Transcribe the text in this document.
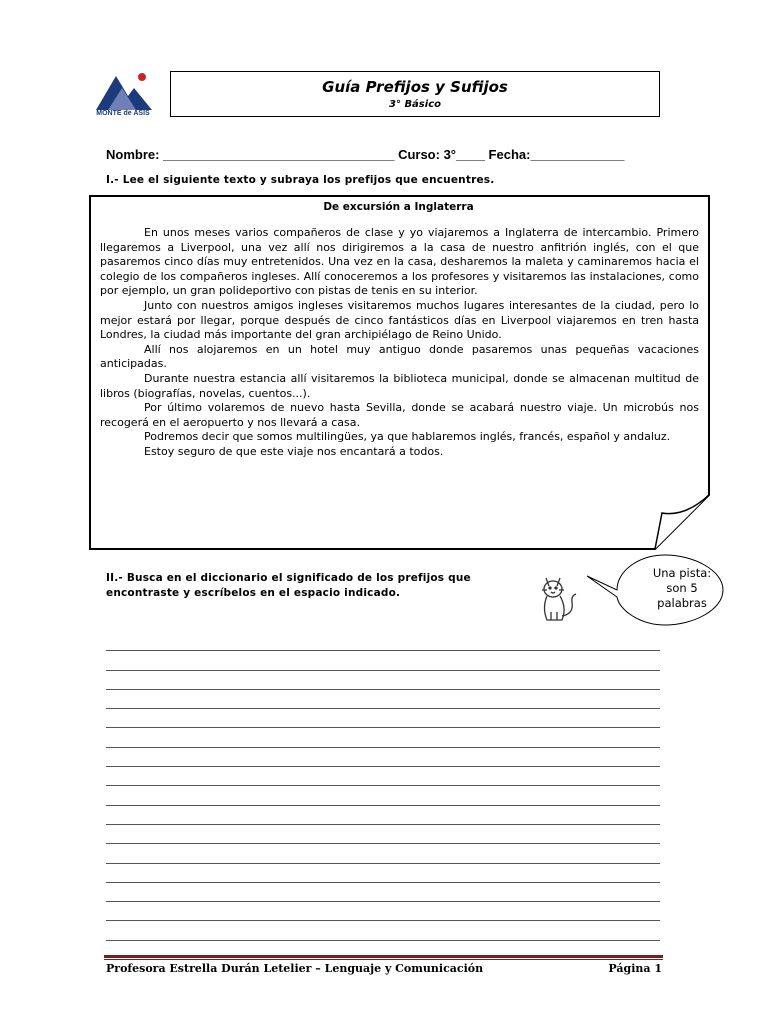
MONTE de ASIS
Guía Prefijos y Sufijos
3° Básico
Nombre: ________________________________ Curso: 3°____ Fecha:_____________
I.- Lee el siguiente texto y subraya los prefijos que encuentres.
De excursión a Inglaterra

En unos meses varios compañeros de clase y yo viajaremos a Inglaterra de intercambio. Primero llegaremos a Liverpool, una vez allí nos dirigiremos a la casa de nuestro anfitrión inglés, con el que pasaremos cinco días muy entretenidos. Una vez en la casa, desharemos la maleta y caminaremos hacia el colegio de los compañeros ingleses. Allí conoceremos a los profesores y visitaremos las instalaciones, como por ejemplo, un gran polideportivo con pistas de tenis en su interior.

Junto con nuestros amigos ingleses visitaremos muchos lugares interesantes de la ciudad, pero lo mejor estará por llegar, porque después de cinco fantásticos días en Liverpool viajaremos en tren hasta Londres, la ciudad más importante del gran archipiélago de Reino Unido.

Allí nos alojaremos en un hotel muy antiguo donde pasaremos unas pequeñas vacaciones anticipadas.

Durante nuestra estancia allí visitaremos la biblioteca municipal, donde se almacenan multitud de libros (biografías, novelas, cuentos...).

Por último volaremos de nuevo hasta Sevilla, donde se acabará nuestro viaje. Un microbús nos recogerá en el aeropuerto y nos llevará a casa.

Podremos decir que somos multilingües, ya que hablaremos inglés, francés, español y andaluz.

Estoy seguro de que este viaje nos encantará a todos.

II.- Busca en el diccionario el significado de los prefijos que encontraste y escríbelos en el espacio indicado.
Una pista:
son 5
palabras
Profesora Estrella Durán Letelier – Lenguaje y Comunicación	Página 1
